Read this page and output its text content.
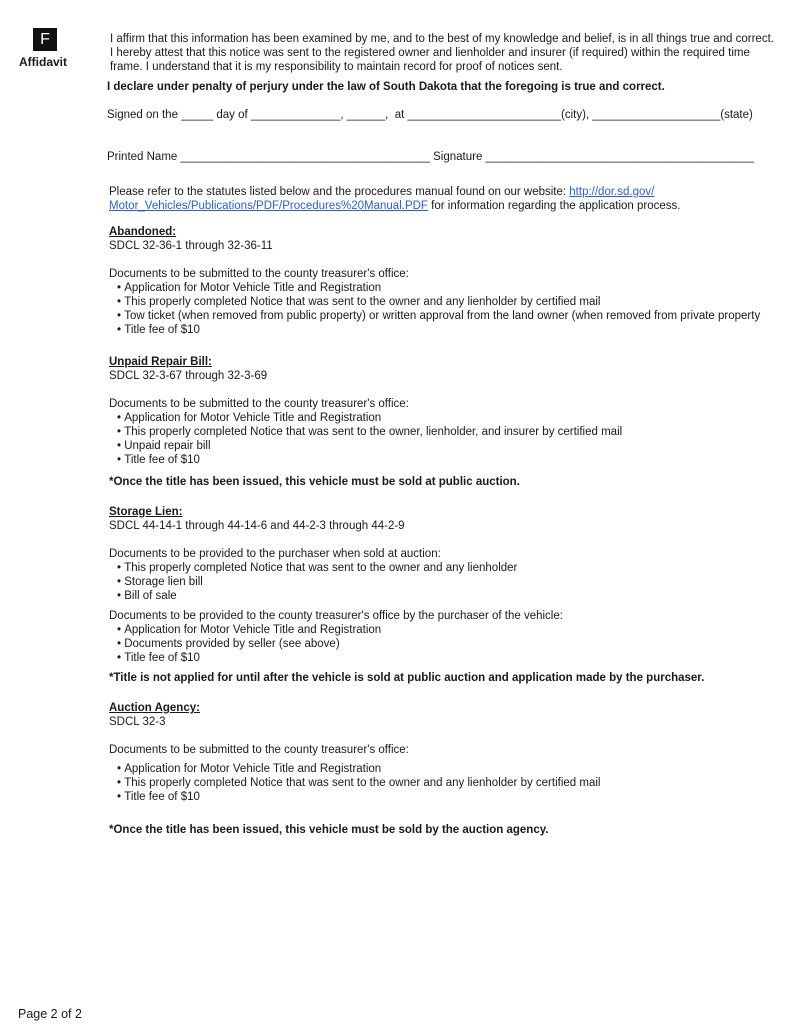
F
Affidavit
I affirm that this information has been examined by me, and to the best of my knowledge and belief, is in all things true and correct.
I hereby attest that this notice was sent to the registered owner and lienholder and insurer (if required) within the required time
frame. I understand that it is my responsibility to maintain record for proof of notices sent.
I declare under penalty of perjury under the law of South Dakota that the foregoing is true and correct.
Signed on the _____ day of ______________, ______,  at ________________________(city), ____________________(state)
Printed Name _______________________________________ Signature __________________________________________
Please refer to the statutes listed below and the procedures manual found on our website: http://dor.sd.gov/
Motor_Vehicles/Publications/PDF/Procedures%20Manual.PDF for information regarding the application process.
Abandoned:
SDCL 32-36-1 through 32-36-11
Documents to be submitted to the county treasurer's office:
• Application for Motor Vehicle Title and Registration
• This properly completed Notice that was sent to the owner and any lienholder by certified mail
• Tow ticket (when removed from public property) or written approval from the land owner (when removed from private property
• Title fee of $10
Unpaid Repair Bill:
SDCL 32-3-67 through 32-3-69
Documents to be submitted to the county treasurer's office:
• Application for Motor Vehicle Title and Registration
• This properly completed Notice that was sent to the owner, lienholder, and insurer by certified mail
• Unpaid repair bill
• Title fee of $10
*Once the title has been issued, this vehicle must be sold at public auction.
Storage Lien:
SDCL 44-14-1 through 44-14-6 and 44-2-3 through 44-2-9
Documents to be provided to the purchaser when sold at auction:
• This properly completed Notice that was sent to the owner and any lienholder
• Storage lien bill
• Bill of sale
Documents to be provided to the county treasurer's office by the purchaser of the vehicle:
• Application for Motor Vehicle Title and Registration
• Documents provided by seller (see above)
• Title fee of $10
*Title is not applied for until after the vehicle is sold at public auction and application made by the purchaser.
Auction Agency:
SDCL 32-3
Documents to be submitted to the county treasurer's office:
• Application for Motor Vehicle Title and Registration
• This properly completed Notice that was sent to the owner and any lienholder by certified mail
• Title fee of $10
*Once the title has been issued, this vehicle must be sold by the auction agency.
Page 2 of 2
